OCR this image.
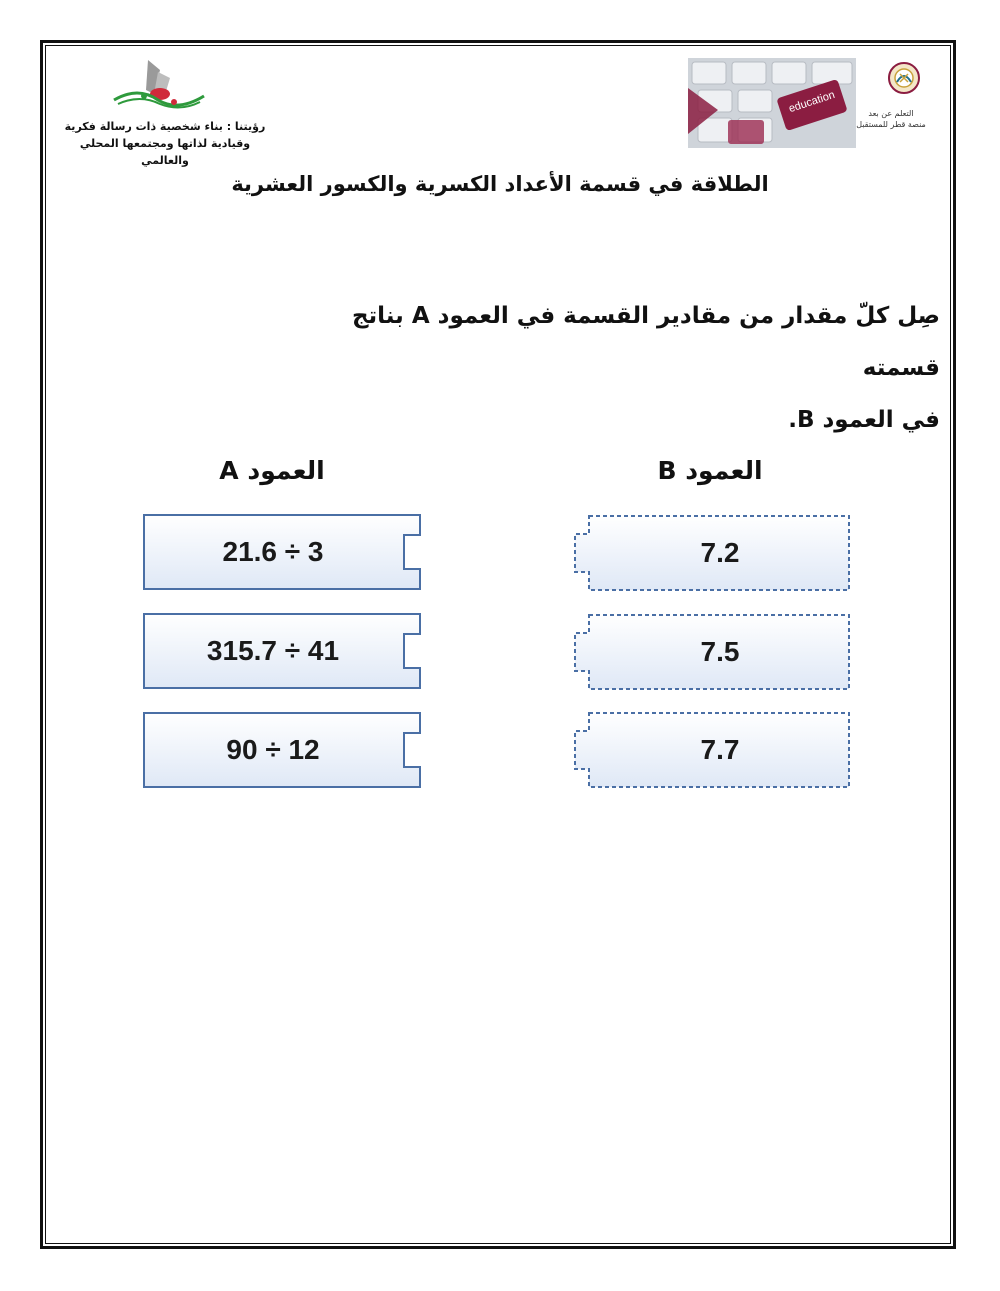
رؤيتنا : بناء شخصية ذات رسالة فكرية
وقيادية لذاتها ومجتمعها المحلي والعالمي
education	التعلم عن بعد
منصة قطر للمستقبل
الطلاقة في قسمة الأعداد الكسرية والكسور العشرية
صِل كلّ مقدار من مقادير القسمة في العمود A بناتج قسمته
في العمود B.
العمود A	العمود B
21.6 ÷ 3
315.7 ÷ 41
90 ÷ 12
7.2
7.5
7.7
